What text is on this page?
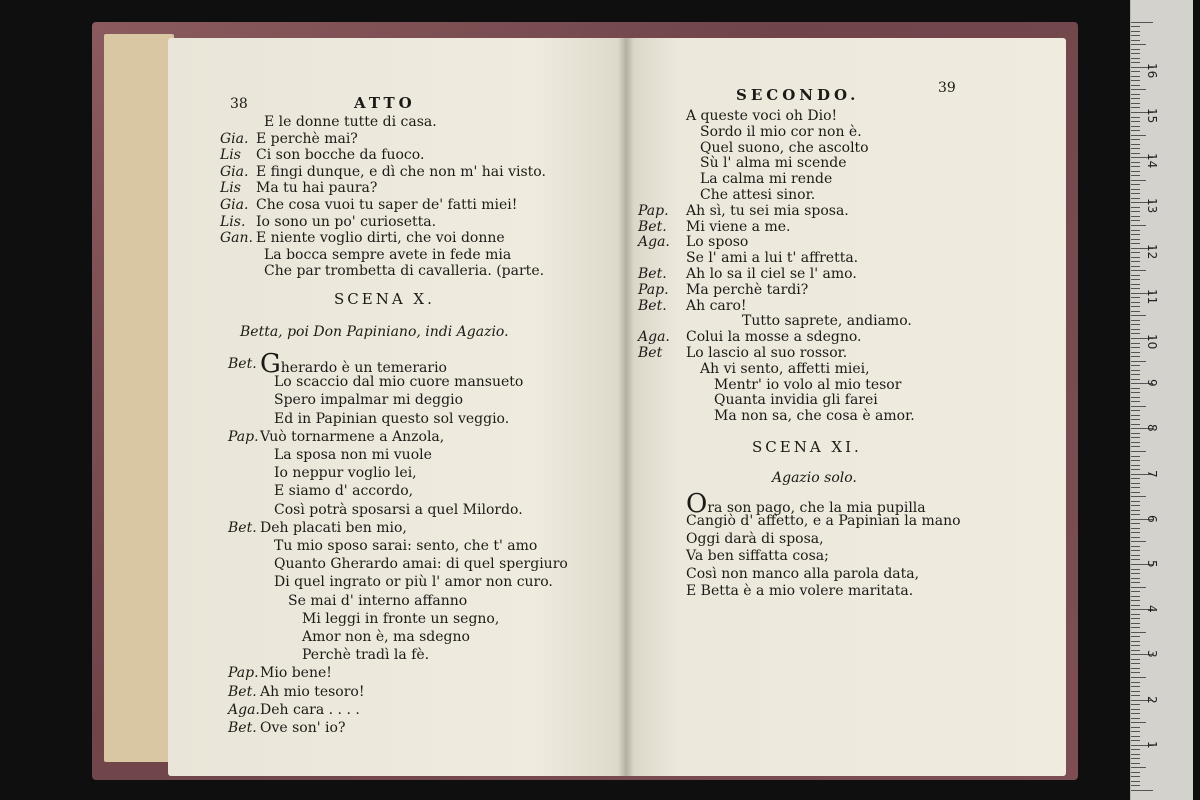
38	ATTO
E le donne tutte di casa.
Gia. E perchè mai?
Lis Ci son bocche da fuoco.
Gia. E fingi dunque, e dì che non m' hai visto.
Lis Ma tu hai paura?
Gia. Che cosa vuoi tu saper de' fatti miei!
Lis. Io sono un po' curiosetta.
Gan. E niente voglio dirti, che voi donne
La bocca sempre avete in fede mia
Che par trombetta di cavalleria. (parte.
SCENA X.
Betta, poi Don Papiniano, indi Agazio.
Bet. Gherardo è un temerario
Lo scaccio dal mio cuore mansueto
Spero impalmar mi deggio
Ed in Papinian questo sol veggio.
Pap. Vuò tornarmene a Anzola,
La sposa non mi vuole
Io neppur voglio lei,
E siamo d' accordo,
Così potrà sposarsi a quel Milordo.
Bet. Deh placati ben mio,
Tu mio sposo sarai: sento, che t' amo
Quanto Gherardo amai: di quel spergiuro
Di quel ingrato or più l' amor non curo.
Se mai d' interno affanno
Mi leggi in fronte un segno,
Amor non è, ma sdegno
Perchè tradì la fè.
Pap. Mio bene!
Bet. Ah mio tesoro!
Aga. Deh cara . . . .
Bet. Ove son' io?
SECONDO.	39
A queste voci oh Dio!
Sordo il mio cor non è.
Quel suono, che ascolto
Sù l' alma mi scende
La calma mi rende
Che attesi sinor.
Pap. Ah sì, tu sei mia sposa.
Bet. Mi viene a me.
Aga. Lo sposo
Se l' ami a lui t' affretta.
Bet. Ah lo sa il ciel se l' amo.
Pap. Ma perchè tardi?
Bet. Ah caro!
Tutto saprete, andiamo.
Aga. Colui la mosse a sdegno.
Bet Lo lascio al suo rossor.
Ah vi sento, affetti miei,
Mentr' io volo al mio tesor
Quanta invidia gli farei
Ma non sa, che cosa è amor.
SCENA XI.
Agazio solo.
Ora son pago, che la mia pupilla
Cangiò d' affetto, e a Papinian la mano
Oggi darà di sposa,
Va ben siffatta cosa;
Così non manco alla parola data,
E Betta è a mio volere maritata.
1
2
3
4
5
6
7
8
9
10
11
12
13
14
15
16
